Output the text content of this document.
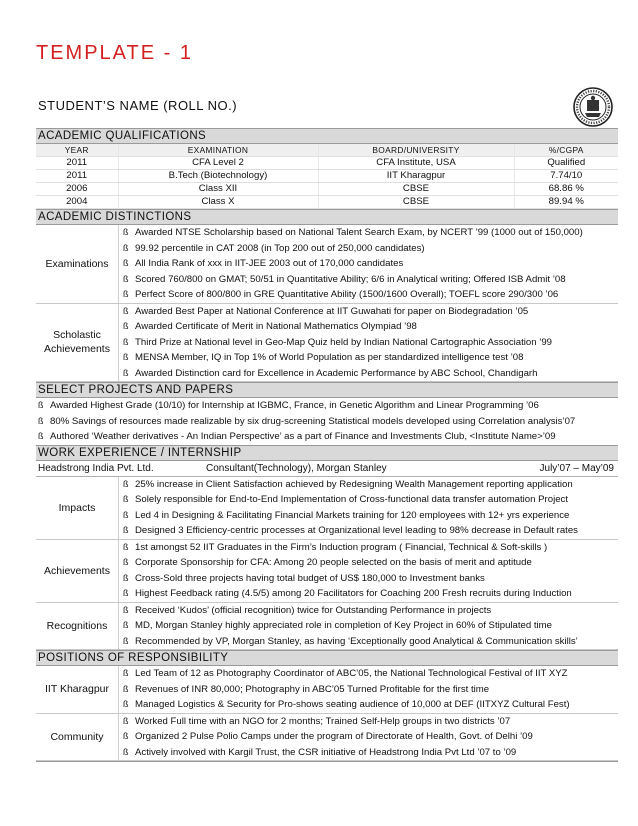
TEMPLATE - 1
STUDENT’S NAME (ROLL NO.)
ACADEMIC QUALIFICATIONS
YEAR	EXAMINATION	BOARD/UNIVERSITY	%/CGPA
2011	CFA Level 2	CFA Institute, USA	Qualified
2011	B.Tech (Biotechnology)	IIT Kharagpur	7.74/10
2006	Class XII	CBSE	68.86 %
2004	Class X	CBSE	89.94 %
ACADEMIC DISTINCTIONS
Examinations	ß Awarded NTSE Scholarship based on National Talent Search Exam, by NCERT ’99 (1000 out of 150,000)
ß 99.92 percentile in CAT 2008 (in Top 200 out of 250,000 candidates)
ß All India Rank of xxx in IIT-JEE 2003 out of 170,000 candidates
ß Scored 760/800 on GMAT; 50/51 in Quantitative Ability; 6/6 in Analytical writing; Offered ISB Admit ’08
ß Perfect Score of 800/800 in GRE Quantitative Ability (1500/1600 Overall); TOEFL score 290/300 ’06

Scholastic Achievements	ß Awarded Best Paper at National Conference at IIT Guwahati for paper on Biodegradation ’05
ß Awarded Certificate of Merit in National Mathematics Olympiad ’98
ß Third Prize at National level in Geo-Map Quiz held by Indian National Cartographic Association ’99
ß MENSA Member, IQ in Top 1% of World Population as per standardized intelligence test ’08
ß Awarded Distinction card for Excellence in Academic Performance by ABC School, Chandigarh
SELECT PROJECTS AND PAPERS
ß Awarded Highest Grade (10/10) for Internship at IGBMC, France, in Genetic Algorithm and Linear Programming ’06
ß 80% Savings of resources made realizable by six drug-screening Statistical models developed using Correlation analysis’07
ß Authored ‘Weather derivatives - An Indian Perspective’ as a part of Finance and Investments Club, <Institute Name>’09
WORK EXPERIENCE / INTERNSHIP
Headstrong India Pvt. Ltd.	Consultant(Technology), Morgan Stanley	July’07 – May’09
Impacts	ß 25% increase in Client Satisfaction achieved by Redesigning Wealth Management reporting application
ß Solely responsible for End-to-End Implementation of Cross-functional data transfer automation Project
ß Led 4 in Designing & Facilitating Financial Markets training for 120 employees with 12+ yrs experience
ß Designed 3 Efficiency-centric processes at Organizational level leading to 98% decrease in Default rates

Achievements	ß 1st amongst 52 IIT Graduates in the Firm’s Induction program ( Financial, Technical & Soft-skills )
ß Corporate Sponsorship for CFA: Among 20 people selected on the basis of merit and aptitude
ß Cross-Sold three projects having total budget of US$ 180,000 to Investment banks
ß Highest Feedback rating (4.5/5) among 20 Facilitators for Coaching 200 Fresh recruits during Induction

Recognitions	ß Received ‘Kudos’ (official recognition) twice for Outstanding Performance in projects
ß MD, Morgan Stanley highly appreciated role in completion of Key Project in 60% of Stipulated time
ß Recommended by VP, Morgan Stanley, as having ‘Exceptionally good Analytical & Communication skills’
POSITIONS OF RESPONSIBILITY
IIT Kharagpur	ß Led Team of 12 as Photography Coordinator of ABC’05, the National Technological Festival of IIT XYZ
ß Revenues of INR 80,000; Photography in ABC’05 Turned Profitable for the first time
ß Managed Logistics & Security for Pro-shows seating audience of 10,000 at DEF (IITXYZ Cultural Fest)

Community	ß Worked Full time with an NGO for 2 months; Trained Self-Help groups in two districts ’07
ß Organized 2 Pulse Polio Camps under the program of Directorate of Health, Govt. of Delhi ’09
ß Actively involved with Kargil Trust, the CSR initiative of Headstrong India Pvt Ltd ’07 to ’09
